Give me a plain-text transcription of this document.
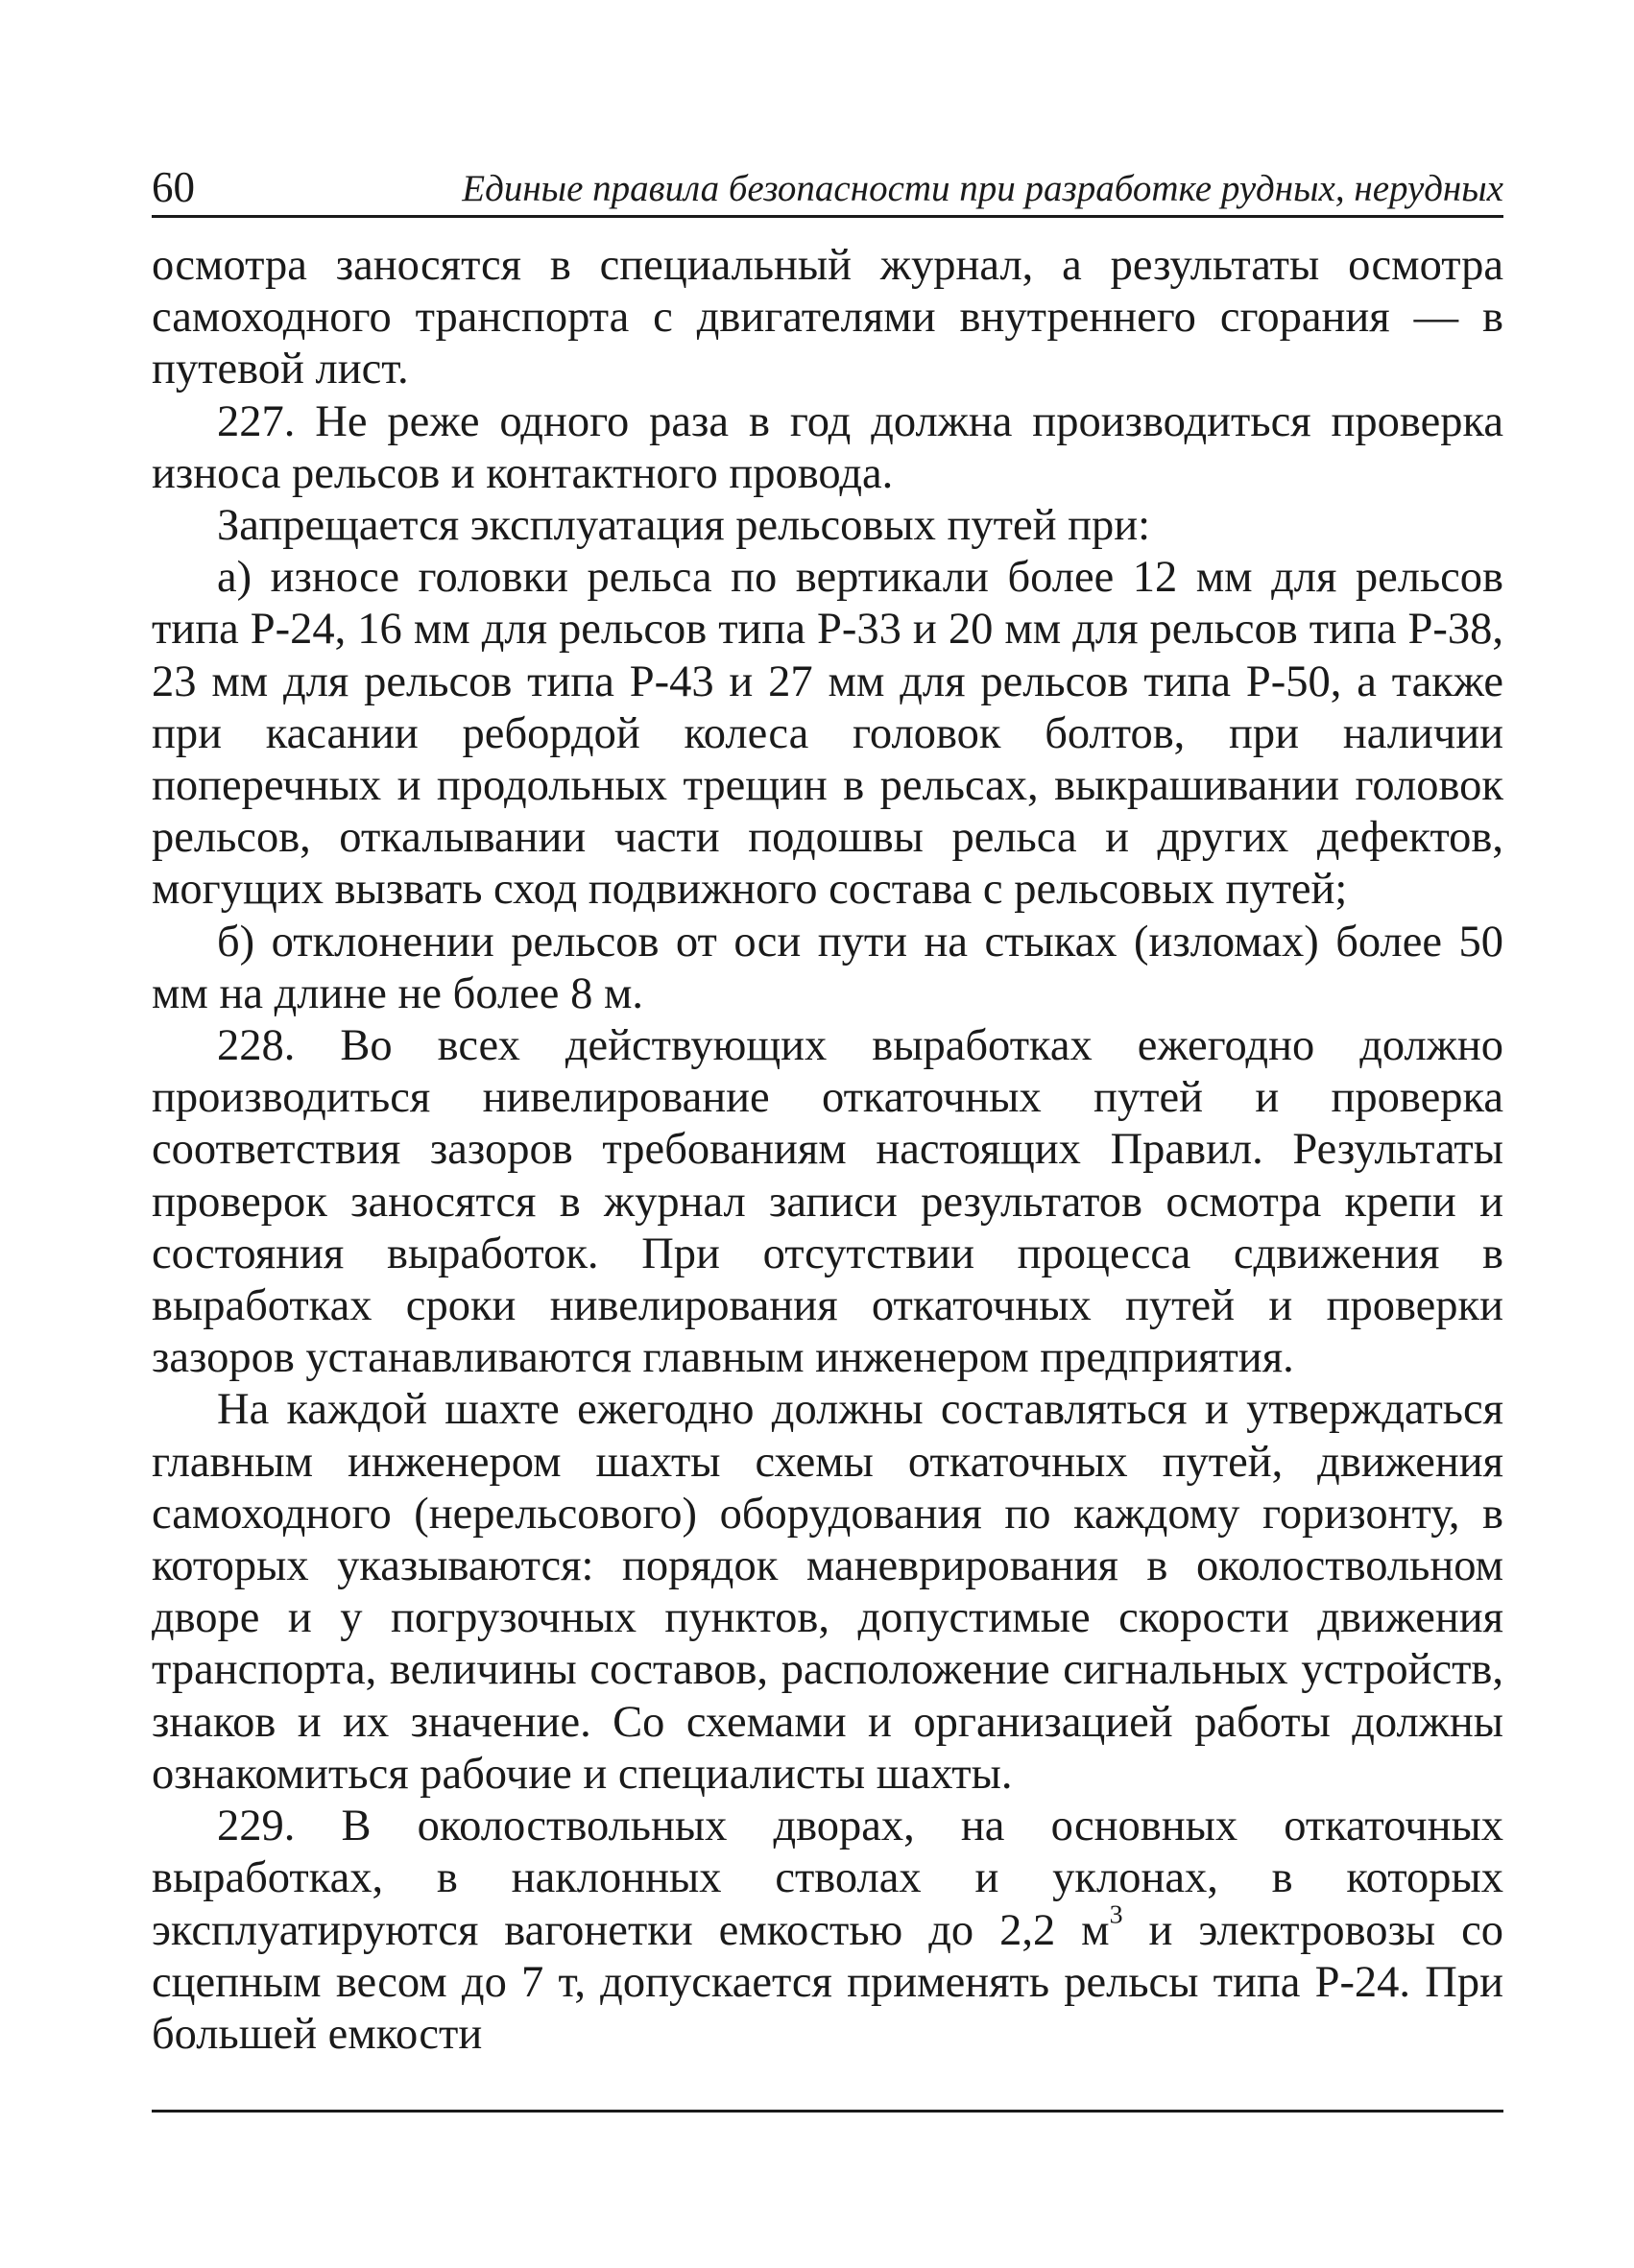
60	Единые правила безопасности при разработке рудных, нерудных

осмотра заносятся в специальный журнал, а результаты осмотра самоходного транспорта с двигателями внутреннего сгорания — в путевой лист.

227. Не реже одного раза в год должна производиться проверка износа рельсов и контактного провода.

Запрещается эксплуатация рельсовых путей при:

а) износе головки рельса по вертикали более 12 мм для рельсов типа Р-24, 16 мм для рельсов типа Р-33 и 20 мм для рельсов типа Р-38, 23 мм для рельсов типа Р-43 и 27 мм для рельсов типа Р-50, а также при касании ребордой колеса головок болтов, при наличии поперечных и продольных трещин в рельсах, выкрашивании головок рельсов, откалывании части подошвы рельса и других дефектов, могущих вызвать сход подвижного состава с рельсовых путей;

б) отклонении рельсов от оси пути на стыках (изломах) более 50 мм на длине не более 8 м.

228. Во всех действующих выработках ежегодно должно производиться нивелирование откаточных путей и проверка соответствия зазоров требованиям настоящих Правил. Результаты проверок заносятся в журнал записи результатов осмотра крепи и состояния выработок. При отсутствии процесса сдвижения в выработках сроки нивелирования откаточных путей и проверки зазоров устанавливаются главным инженером предприятия.

На каждой шахте ежегодно должны составляться и утверждаться главным инженером шахты схемы откаточных путей, движения самоходного (нерельсового) оборудования по каждому горизонту, в которых указываются: порядок маневрирования в околоствольном дворе и у погрузочных пунктов, допустимые скорости движения транспорта, величины составов, расположение сигнальных устройств, знаков и их значение. Со схемами и организацией работы должны ознакомиться рабочие и специалисты шахты.

229. В околоствольных дворах, на основных откаточных выработках, в наклонных стволах и уклонах, в которых эксплуатируются вагонетки емкостью до 2,2 $м^3$ и электровозы со сцепным весом до 7 т, допускается применять рельсы типа Р-24. При большей емкости
